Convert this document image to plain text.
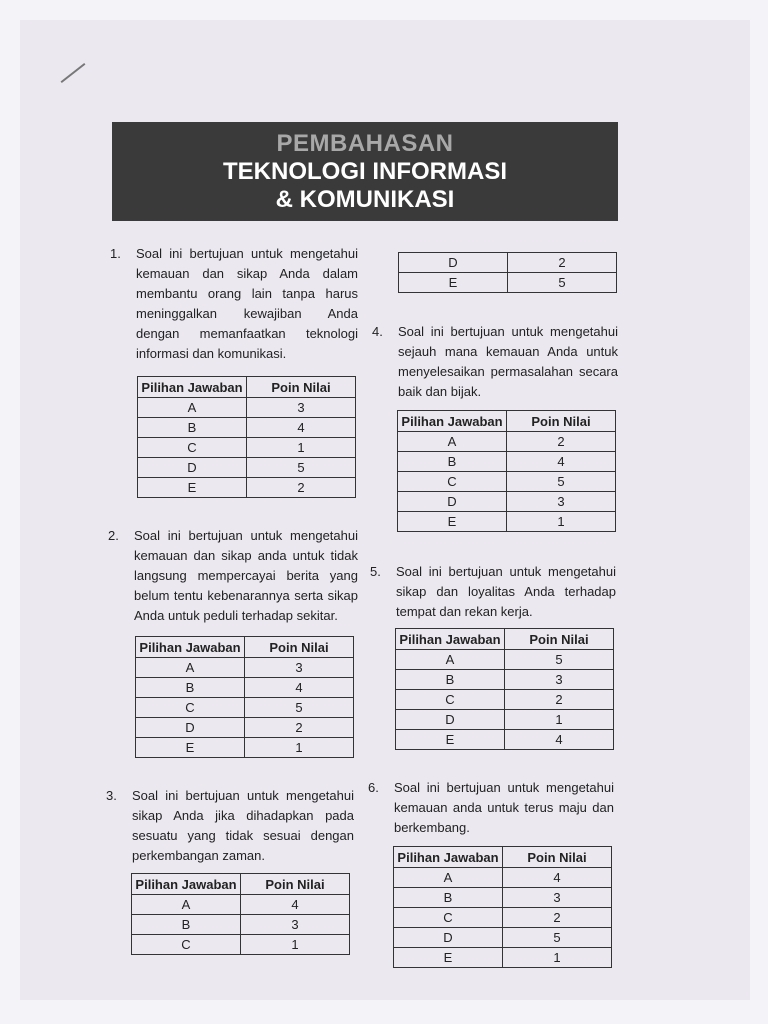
PEMBAHASAN
TEKNOLOGI INFORMASI
& KOMUNIKASI
1. Soal ini bertujuan untuk mengetahui kemauan dan sikap Anda dalam membantu orang lain tanpa harus meninggalkan kewajiban Anda dengan memanfaatkan teknologi informasi dan komunikasi.

Pilihan Jawaban	Poin Nilai
A	3
B	4
C	1
D	5
E	2
2. Soal ini bertujuan untuk mengetahui kemauan dan sikap anda untuk tidak langsung mempercayai berita yang belum tentu kebenarannya serta sikap Anda untuk peduli terhadap sekitar.

Pilihan Jawaban	Poin Nilai
A	3
B	4
C	5
D	2
E	1
3. Soal ini bertujuan untuk mengetahui sikap Anda jika dihadapkan pada sesuatu yang tidak sesuai dengan perkembangan zaman.

Pilihan Jawaban	Poin Nilai
A	4
B	3
C	1
D	2
E	5
4. Soal ini bertujuan untuk mengetahui sejauh mana kemauan Anda untuk menyelesaikan permasalahan secara baik dan bijak.

Pilihan Jawaban	Poin Nilai
A	2
B	4
C	5
D	3
E	1
5. Soal ini bertujuan untuk mengetahui sikap dan loyalitas Anda terhadap tempat dan rekan kerja.

Pilihan Jawaban	Poin Nilai
A	5
B	3
C	2
D	1
E	4
6. Soal ini bertujuan untuk mengetahui kemauan anda untuk terus maju dan berkembang.

Pilihan Jawaban	Poin Nilai
A	4
B	3
C	2
D	5
E	1
